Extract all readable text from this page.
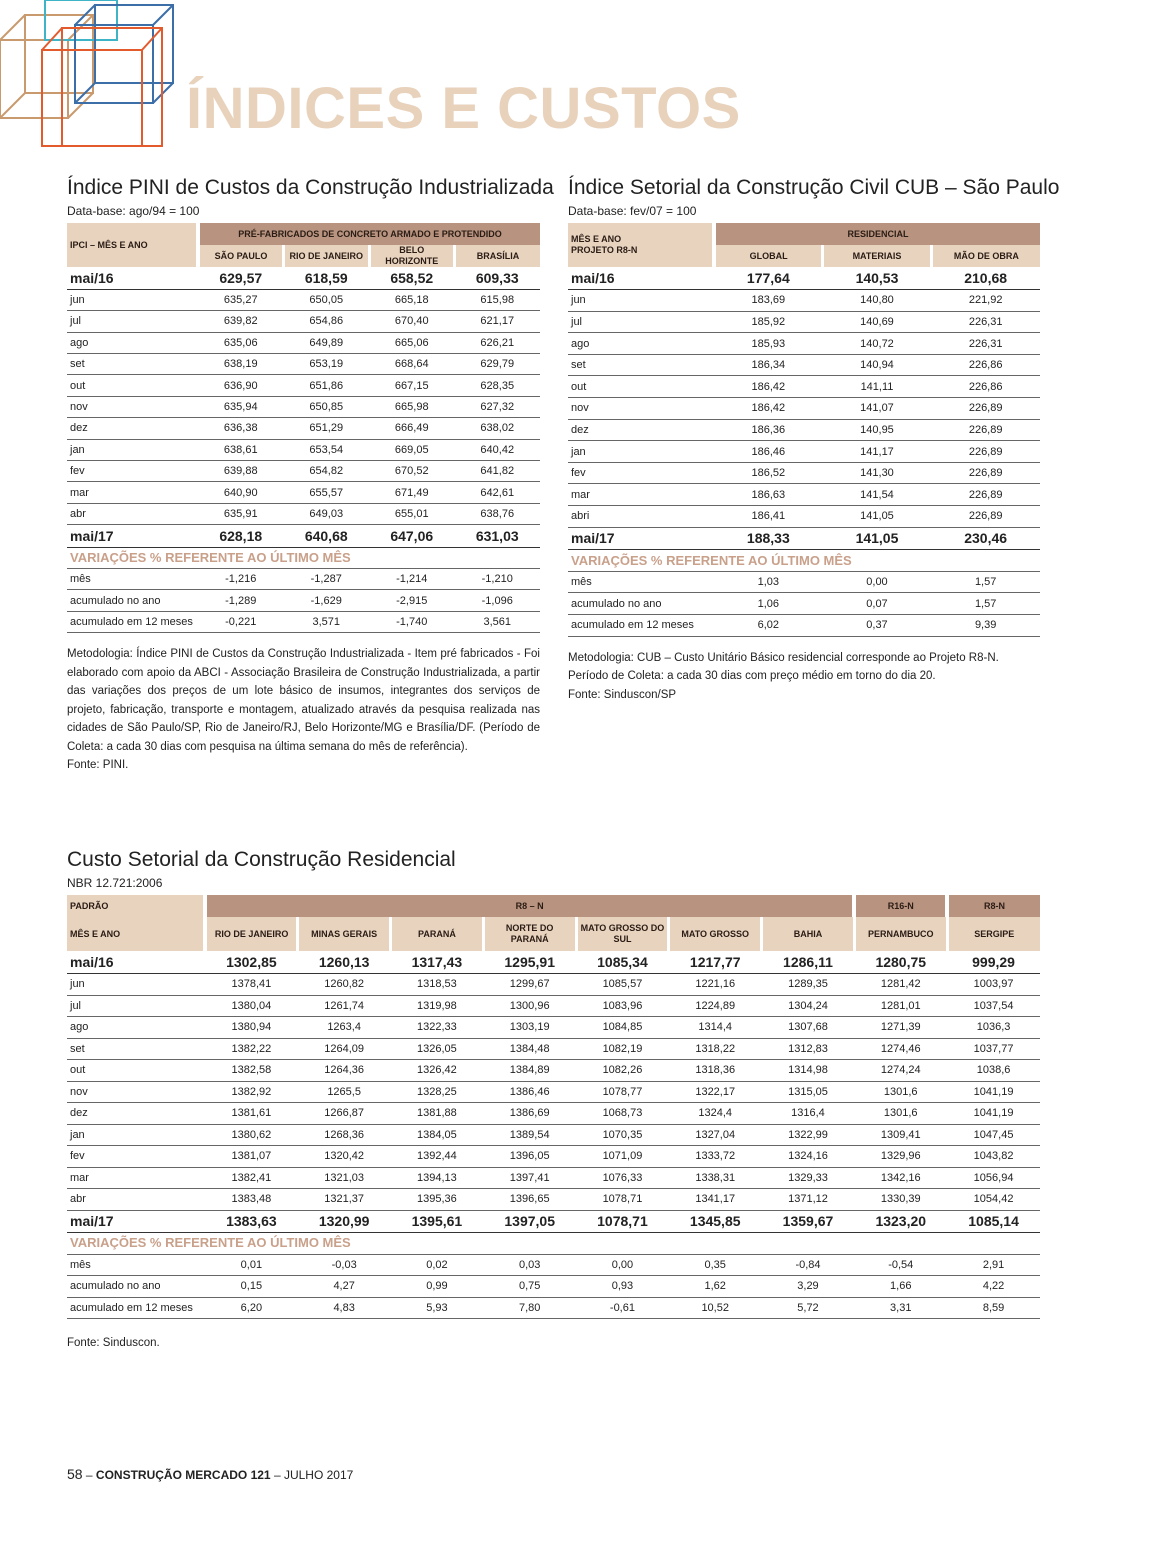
ÍNDICES E CUSTOS
Índice PINI de Custos da Construção Industrializada
Data-base: ago/94 = 100
IPCI – MÊS E ANO	PRÉ-FABRICADOS DE CONCRETO ARMADO E PROTENDIDO			
	SÃO PAULO	RIO DE JANEIRO	BELO HORIZONTE	BRASÍLIA
mai/16	629,57	618,59	658,52	609,33
jun	635,27	650,05	665,18	615,98
jul	639,82	654,86	670,40	621,17
ago	635,06	649,89	665,06	626,21
set	638,19	653,19	668,64	629,79
out	636,90	651,86	667,15	628,35
nov	635,94	650,85	665,98	627,32
dez	636,38	651,29	666,49	638,02
jan	638,61	653,54	669,05	640,42
fev	639,88	654,82	670,52	641,82
mar	640,90	655,57	671,49	642,61
abr	635,91	649,03	655,01	638,76
mai/17	628,18	640,68	647,06	631,03
VARIAÇÕES % REFERENTE AO ÚLTIMO MÊS				
mês	-1,216	-1,287	-1,214	-1,210
acumulado no ano	-1,289	-1,629	-2,915	-1,096
acumulado em 12 meses	-0,221	3,571	-1,740	3,561
Metodologia: Índice PINI de Custos da Construção Industrializada - Item pré fabricados - Foi elaborado com apoio da ABCI - Associação Brasileira de Construção Industrializada, a partir das variações dos preços de um lote básico de insumos, integrantes dos serviços de projeto, fabricação, transporte e montagem, atualizado através da pesquisa realizada nas cidades de São Paulo/SP, Rio de Janeiro/RJ, Belo Horizonte/MG e Brasília/DF. (Período de Coleta: a cada 30 dias com pesquisa na última semana do mês de referência).
Fonte: PINI.
Índice Setorial da Construção Civil CUB – São Paulo
Data-base: fev/07 = 100
MÊS E ANO
PROJETO R8-N	RESIDENCIAL		
	GLOBAL	MATERIAIS	MÃO DE OBRA
mai/16	177,64	140,53	210,68
jun	183,69	140,80	221,92
jul	185,92	140,69	226,31
ago	185,93	140,72	226,31
set	186,34	140,94	226,86
out	186,42	141,11	226,86
nov	186,42	141,07	226,89
dez	186,36	140,95	226,89
jan	186,46	141,17	226,89
fev	186,52	141,30	226,89
mar	186,63	141,54	226,89
abri	186,41	141,05	226,89
mai/17	188,33	141,05	230,46
VARIAÇÕES % REFERENTE AO ÚLTIMO MÊS			
mês	1,03	0,00	1,57
acumulado no ano	1,06	0,07	1,57
acumulado em 12 meses	6,02	0,37	9,39
Metodologia: CUB – Custo Unitário Básico residencial corresponde ao Projeto R8-N.
Período de Coleta: a cada 30 dias com preço médio em torno do dia 20.
Fonte: Sinduscon/SP
Custo Setorial da Construção Residencial
NBR 12.721:2006
PADRÃO	R8 – N							R16-N	R8-N
MÊS E ANO	RIO DE JANEIRO	MINAS GERAIS	PARANÁ	NORTE DO PARANÁ	MATO GROSSO DO SUL	MATO GROSSO	BAHIA	PERNAMBUCO	SERGIPE
mai/16	1302,85	1260,13	1317,43	1295,91	1085,34	1217,77	1286,11	1280,75	999,29
jun	1378,41	1260,82	1318,53	1299,67	1085,57	1221,16	1289,35	1281,42	1003,97
jul	1380,04	1261,74	1319,98	1300,96	1083,96	1224,89	1304,24	1281,01	1037,54
ago	1380,94	1263,4	1322,33	1303,19	1084,85	1314,4	1307,68	1271,39	1036,3
set	1382,22	1264,09	1326,05	1384,48	1082,19	1318,22	1312,83	1274,46	1037,77
out	1382,58	1264,36	1326,42	1384,89	1082,26	1318,36	1314,98	1274,24	1038,6
nov	1382,92	1265,5	1328,25	1386,46	1078,77	1322,17	1315,05	1301,6	1041,19
dez	1381,61	1266,87	1381,88	1386,69	1068,73	1324,4	1316,4	1301,6	1041,19
jan	1380,62	1268,36	1384,05	1389,54	1070,35	1327,04	1322,99	1309,41	1047,45
fev	1381,07	1320,42	1392,44	1396,05	1071,09	1333,72	1324,16	1329,96	1043,82
mar	1382,41	1321,03	1394,13	1397,41	1076,33	1338,31	1329,33	1342,16	1056,94
abr	1383,48	1321,37	1395,36	1396,65	1078,71	1341,17	1371,12	1330,39	1054,42
mai/17	1383,63	1320,99	1395,61	1397,05	1078,71	1345,85	1359,67	1323,20	1085,14
VARIAÇÕES % REFERENTE AO ÚLTIMO MÊS									
mês	0,01	-0,03	0,02	0,03	0,00	0,35	-0,84	-0,54	2,91
acumulado no ano	0,15	4,27	0,99	0,75	0,93	1,62	3,29	1,66	4,22
acumulado em 12 meses	6,20	4,83	5,93	7,80	-0,61	10,52	5,72	3,31	8,59
Fonte: Sinduscon.
58 – CONSTRUÇÃO MERCADO 121 – JULHO 2017
